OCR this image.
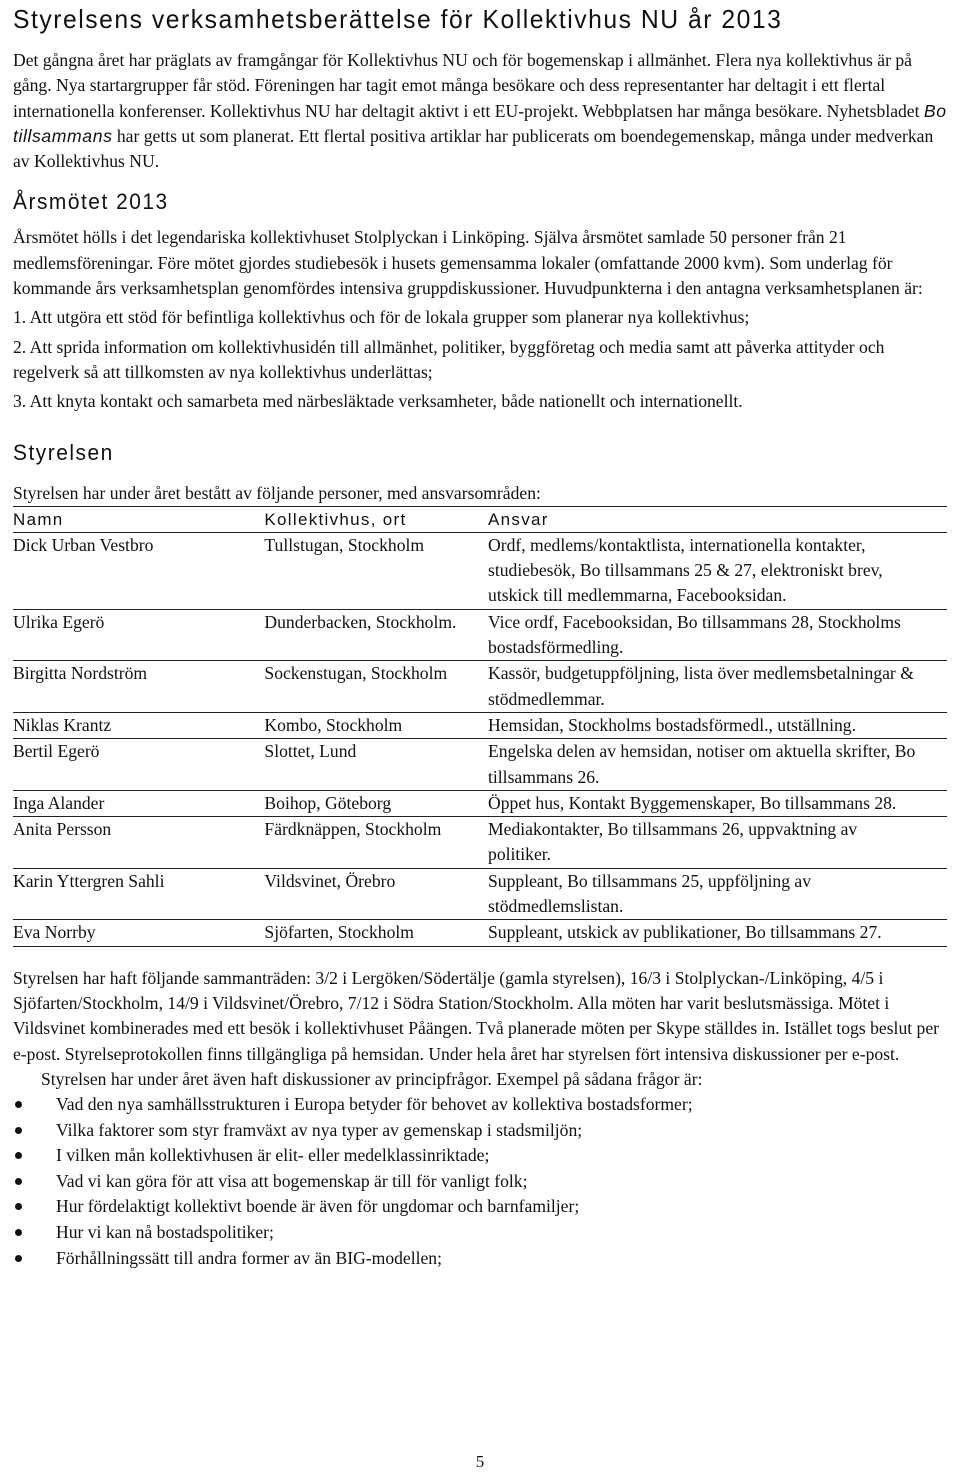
Styrelsens verksamhetsberättelse för Kollektivhus NU år 2013

Det gångna året har präglats av framgångar för Kollektivhus NU och för bogemenskap i allmänhet. Flera nya kollektivhus är på gång. Nya startargrupper får stöd. Föreningen har tagit emot många besökare och dess representanter har deltagit i ett flertal internationella konferenser. Kollektivhus NU har deltagit aktivt i ett EU-projekt. Webbplatsen har många besökare. Nyhetsbladet Bo tillsammans har getts ut som planerat. Ett flertal positiva artiklar har publicerats om boendegemenskap, många under medverkan av Kollektivhus NU.

Årsmötet 2013

Årsmötet hölls i det legendariska kollektivhuset Stolplyckan i Linköping. Själva årsmötet samlade 50 personer från 21 medlemsföreningar. Före mötet gjordes studiebesök i husets gemensamma lokaler (omfattande 2000 kvm). Som underlag för kommande års verksamhetsplan genomfördes intensiva gruppdiskussioner. Huvudpunkterna i den antagna verksamhetsplanen är:

1. Att utgöra ett stöd för befintliga kollektivhus och för de lokala grupper som planerar nya kollektivhus;

2. Att sprida information om kollektivhusidén till allmänhet, politiker, byggföretag och media samt att påverka attityder och regelverk så att tillkomsten av nya kollektivhus underlättas;

3. Att knyta kontakt och samarbeta med närbesläktade verksamheter, både nationellt och internationellt.

Styrelsen

Styrelsen har under året bestått av följande personer, med ansvarsområden:

Namn	Kollektivhus, ort	Ansvar

Dick Urban Vestbro	Tullstugan, Stockholm	Ordf, medlems/kontaktlista, internationella kontakter, studiebesök, Bo tillsammans 25 & 27, elektroniskt brev, utskick till medlemmarna, Facebooksidan.

Ulrika Egerö	Dunderbacken, Stockholm.	Vice ordf, Facebooksidan, Bo tillsammans 28, Stockholms bostadsförmedling.

Birgitta Nordström	Sockenstugan, Stockholm	Kassör, budgetuppföljning, lista över medlemsbetalningar & stödmedlemmar.

Niklas Krantz	Kombo, Stockholm	Hemsidan, Stockholms bostadsförmedl., utställning.

Bertil Egerö	Slottet, Lund	Engelska delen av hemsidan, notiser om aktuella skrifter, Bo tillsammans 26.

Inga Alander	Boihop, Göteborg	Öppet hus, Kontakt Byggemenskaper, Bo tillsammans 28.

Anita Persson	Färdknäppen, Stockholm	Mediakontakter, Bo tillsammans 26, uppvaktning av politiker.

Karin Yttergren Sahli	Vildsvinet, Örebro	Suppleant, Bo tillsammans 25, uppföljning av stödmedlemslistan.

Eva Norrby	Sjöfarten, Stockholm	Suppleant, utskick av publikationer, Bo tillsammans 27.

Styrelsen har haft följande sammanträden: 3/2 i Lergöken/Södertälje (gamla styrelsen), 16/3 i Stolplyckan-/Linköping, 4/5 i Sjöfarten/Stockholm, 14/9 i Vildsvinet/Örebro, 7/12 i Södra Station/Stockholm. Alla möten har varit beslutsmässiga. Mötet i Vildsvinet kombinerades med ett besök i kollektivhuset Påängen. Två planerade möten per Skype ställdes in. Istället togs beslut per e-post. Styrelseprotokollen finns tillgängliga på hemsidan. Under hela året har styrelsen fört intensiva diskussioner per e-post.

Styrelsen har under året även haft diskussioner av principfrågor. Exempel på sådana frågor är:

Vad den nya samhällsstrukturen i Europa betyder för behovet av kollektiva bostadsformer;
Vilka faktorer som styr framväxt av nya typer av gemenskap i stadsmiljön;
I vilken mån kollektivhusen är elit- eller medelklassinriktade;
Vad vi kan göra för att visa att bogemenskap är till för vanligt folk;
Hur fördelaktigt kollektivt boende är även för ungdomar och barnfamiljer;
Hur vi kan nå bostadspolitiker;
Förhållningssätt till andra former av än BIG-modellen;
5
